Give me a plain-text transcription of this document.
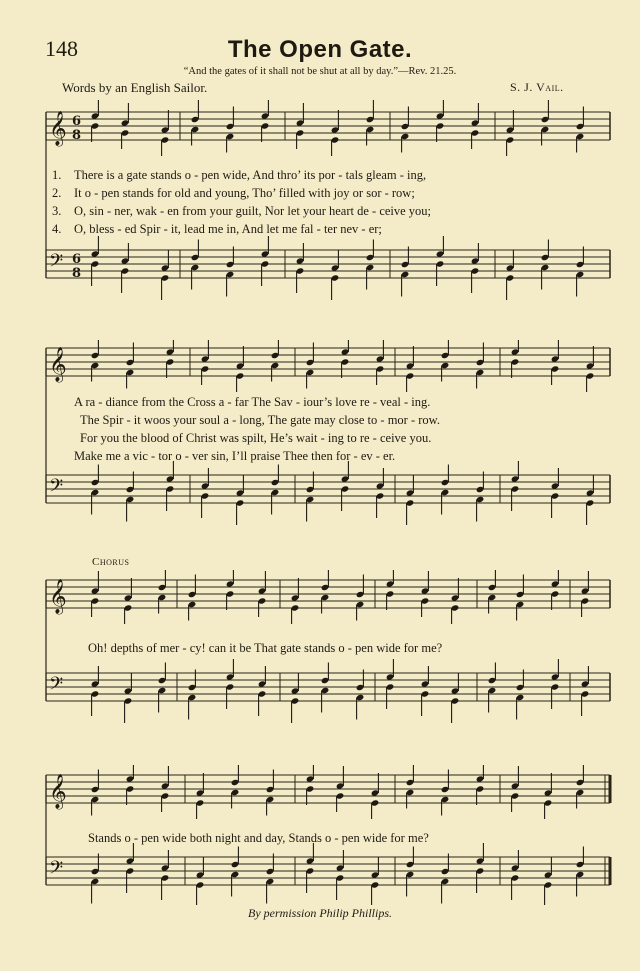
148	The Open Gate.
“And the gates of it shall not be shut at all by day.”—Rev. 21.25.
Words by an English Sailor.	S. J. Vail.
𝄞 6
8
𝄢 6
8
1. There is a gate stands o - pen wide, And thro’ its por - tals gleam - ing,
2. It o - pen stands for old and young, Tho’ filled with joy or sor - row;
3. O, sin - ner, wak - en from your guilt, Nor let your heart de - ceive you;
4. O, bless - ed Spir - it, lead me in, And let me fal - ter nev - er;
𝄞
𝄢
A ra - diance from the Cross a - far The Sav - iour’s love re - veal - ing.
The Spir - it woos your soul a - long, The gate may close to - mor - row.
For you the blood of Christ was spilt, He’s wait - ing to re - ceive you.
Make me a vic - tor o - ver sin, I’ll praise Thee then for - ev - er.
Chorus
𝄞
𝄢
Oh! depths of mer - cy! can it be That gate stands o - pen wide for me?
𝄞
𝄢
Stands o - pen wide both night and day, Stands o - pen wide for me?
By permission Philip Phillips.
